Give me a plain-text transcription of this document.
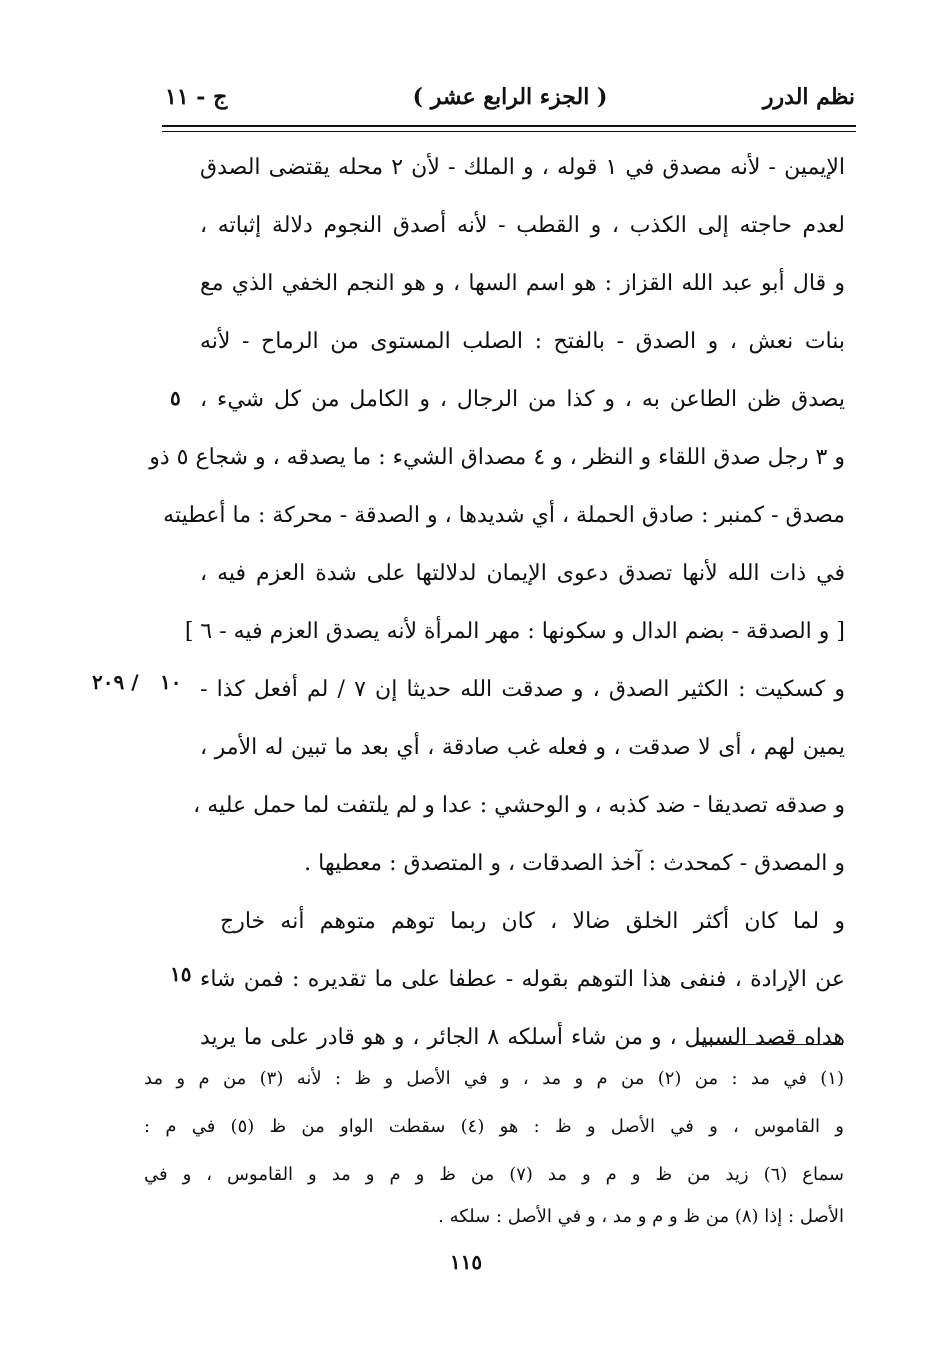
نظم الدرر
( الجزء الرابع عشر )
ج - ١١
الإيمين - لأنه مصدق في ١ قوله ، و الملك - لأن ٢ محله يقتضى الصدق
لعدم حاجته إلى الكذب ، و القطب - لأنه أصدق النجوم دلالة إثباته ،
و قال أبو عبد الله القزاز : هو اسم السها ، و هو النجم الخفي الذي مع
بنات نعش ، و الصدق - بالفتح : الصلب المستوى من الرماح - لأنه
يصدق ظن الطاعن به ، و كذا من الرجال ، و الكامل من كل شيء ،
و ٣ رجل صدق اللقاء و النظر ، و ٤ مصداق الشيء : ما يصدقه ، و شجاع ٥ ذو
مصدق - كمنبر : صادق الحملة ، أي شديدها ، و الصدقة - محركة : ما أعطيته
في ذات الله لأنها تصدق دعوى الإيمان لدلالتها على شدة العزم فيه ،
[ و الصدقة - بضم الدال و سكونها : مهر المرأة لأنه يصدق العزم فيه - ٦ ]
و كسكيت : الكثير الصدق ، و صدقت الله حديثا إن ٧ / لم أفعل كذا -
يمين لهم ، أى لا صدقت ، و فعله غب صادقة ، أي بعد ما تبين له الأمر ،
و صدقه تصديقا - ضد كذبه ، و الوحشي : عدا و لم يلتفت لما حمل عليه ،
و المصدق - كمحدث : آخذ الصدقات ، و المتصدق : معطيها .
و لما كان أكثر الخلق ضالا ، كان ربما توهم متوهم أنه خارج
عن الإرادة ، فنفى هذا التوهم بقوله - عطفا على ما تقديره : فمن شاء
هداه قصد السبيل ، و من شاء أسلكه ٨ الجائر ، و هو قادر على ما يريد
٥
١٠
٢٠٩ /
١٥
(١) في مد : من (٢) من م و مد ، و في الأصل و ظ : لأنه (٣) من م و مد
و القاموس ، و في الأصل و ظ : هو (٤) سقطت الواو من ظ (٥) في م :
سماع (٦) زيد من ظ و م و مد (٧) من ظ و م و مد و القاموس ، و في
الأصل : إذا (٨) من ظ و م و مد ، و في الأصل : سلكه .
١١٥
